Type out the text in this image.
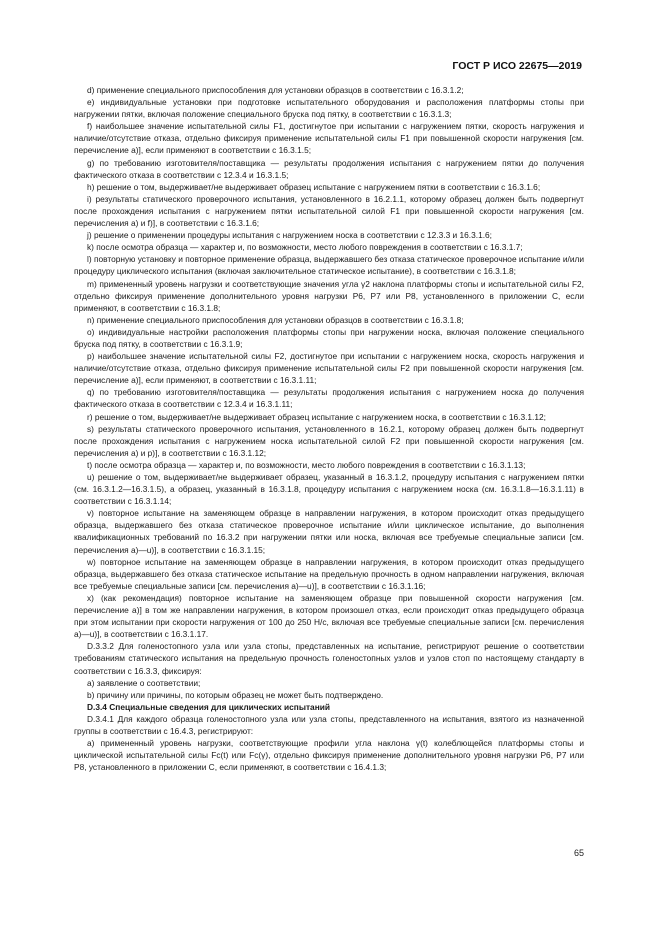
ГОСТ Р ИСО 22675—2019

d) применение специального приспособления для установки образцов в соответствии с 16.3.1.2;

e) индивидуальные установки при подготовке испытательного оборудования и расположения платформы стопы при нагружении пятки, включая положение специального бруска под пятку, в соответствии с 16.3.1.3;

f) наибольшее значение испытательной силы F1, достигнутое при испытании с нагружением пятки, скорость нагружения и наличие/отсутствие отказа, отдельно фиксируя применение испытательной силы F1 при повышенной скорости нагружения [см. перечисление а)], если применяют в соответствии с 16.3.1.5;

g) по требованию изготовителя/поставщика — результаты продолжения испытания с нагружением пятки до получения фактического отказа в соответствии с 12.3.4 и 16.3.1.5;

h) решение о том, выдерживает/не выдерживает образец испытание с нагружением пятки в соответствии с 16.3.1.6;

i) результаты статического проверочного испытания, установленного в 16.2.1.1, которому образец должен быть подвергнут после прохождения испытания с нагружением пятки испытательной силой F1 при повышенной скорости нагружения [см. перечисления а) и f)], в соответствии с 16.3.1.6;

j) решение о применении процедуры испытания с нагружением носка в соответствии с 12.3.3 и 16.3.1.6;

k) после осмотра образца — характер и, по возможности, место любого повреждения в соответствии с 16.3.1.7;

l) повторную установку и повторное применение образца, выдержавшего без отказа статическое проверочное испытание и/или процедуру циклического испытания (включая заключительное статическое испытание), в соответствии с 16.3.1.8;

m) примененный уровень нагрузки и соответствующие значения угла γ2 наклона платформы стопы и испытательной силы F2, отдельно фиксируя применение дополнительного уровня нагрузки Р6, Р7 или Р8, установленного в приложении С, если применяют, в соответствии с 16.3.1.8;

n) применение специального приспособления для установки образцов в соответствии с 16.3.1.8;

o) индивидуальные настройки расположения платформы стопы при нагружении носка, включая положение специального бруска под пятку, в соответствии с 16.3.1.9;

p) наибольшее значение испытательной силы F2, достигнутое при испытании с нагружением носка, скорость нагружения и наличие/отсутствие отказа, отдельно фиксируя применение испытательной силы F2 при повышенной скорости нагружения [см. перечисление а)], если применяют, в соответствии с 16.3.1.11;

q) по требованию изготовителя/поставщика — результаты продолжения испытания с нагружением носка до получения фактического отказа в соответствии с 12.3.4 и 16.3.1.11;

r) решение о том, выдерживает/не выдерживает образец испытание с нагружением носка, в соответствии с 16.3.1.12;

s) результаты статического проверочного испытания, установленного в 16.2.1, которому образец должен быть подвергнут после прохождения испытания с нагружением носка испытательной силой F2 при повышенной скорости нагружения [см. перечисления а) и р)], в соответствии с 16.3.1.12;

t) после осмотра образца — характер и, по возможности, место любого повреждения в соответствии с 16.3.1.13;

u) решение о том, выдерживает/не выдерживает образец, указанный в 16.3.1.2, процедуру испытания с нагружением пятки (см. 16.3.1.2—16.3.1.5), а образец, указанный в 16.3.1.8, процедуру испытания с нагружением носка (см. 16.3.1.8—16.3.1.11) в соответствии с 16.3.1.14;

v) повторное испытание на заменяющем образце в направлении нагружения, в котором происходит отказ предыдущего образца, выдержавшего без отказа статическое проверочное испытание и/или циклическое испытание, до выполнения квалификационных требований по 16.3.2 при нагружении пятки или носка, включая все требуемые специальные записи [см. перечисления а)—u)], в соответствии с 16.3.1.15;

w) повторное испытание на заменяющем образце в направлении нагружения, в котором происходит отказ предыдущего образца, выдержавшего без отказа статическое испытание на предельную прочность в одном направлении нагружения, включая все требуемые специальные записи [см. перечисления а)—u)], в соответствии с 16.3.1.16;

x) (как рекомендация) повторное испытание на заменяющем образце при повышенной скорости нагружения [см. перечисление а)] в том же направлении нагружения, в котором произошел отказ, если происходит отказ предыдущего образца при этом испытании при скорости нагружения от 100 до 250 Н/с, включая все требуемые специальные записи [см. перечисления а)—u)], в соответствии с 16.3.1.17.

D.3.3.2 Для голеностопного узла или узла стопы, представленных на испытание, регистрируют решение о соответствии требованиям статического испытания на предельную прочность голеностопных узлов и узлов стоп по настоящему стандарту в соответствии с 16.3.3, фиксируя:

a) заявление о соответствии;

b) причину или причины, по которым образец не может быть подтверждено.

D.3.4 Специальные сведения для циклических испытаний

D.3.4.1 Для каждого образца голеностопного узла или узла стопы, представленного на испытания, взятого из назначенной группы в соответствии с 16.4.3, регистрируют:

a) примененный уровень нагрузки, соответствующие профили угла наклона γ(t) колеблющейся платформы стопы и циклической испытательной силы Fc(t) или Fc(γ), отдельно фиксируя применение дополнительного уровня нагрузки Р6, Р7 или Р8, установленного в приложении С, если применяют, в соответствии с 16.4.1.3;

65
